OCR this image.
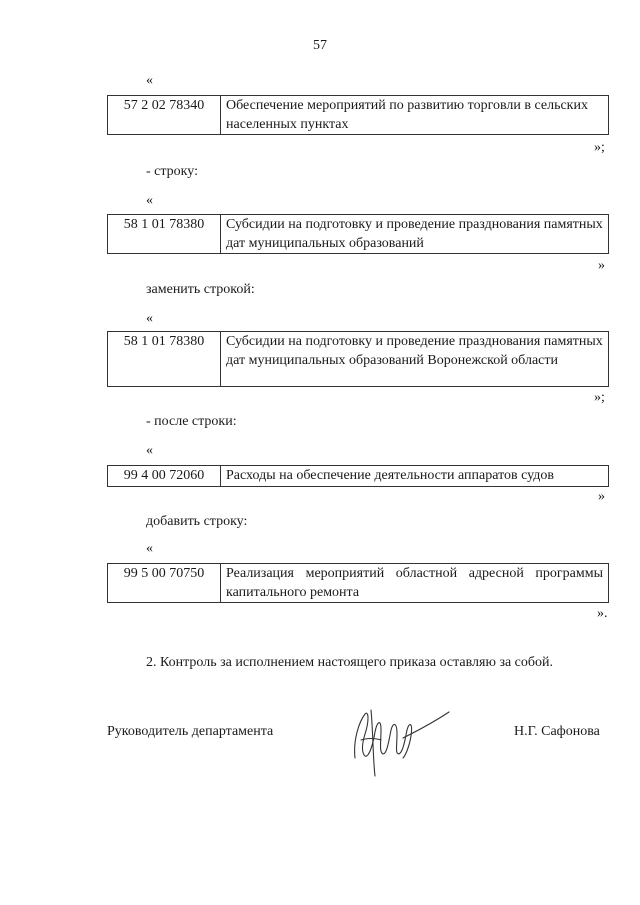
57
«
57 2 02 78340	Обеспечение мероприятий по развитию торговли в сельских населенных пунктах
»;
- строку:
«
58 1 01 78380	Субсидии на подготовку и проведение празднования памятных дат муниципальных образований
»
заменить строкой:
«
58 1 01 78380	Субсидии на подготовку и проведение празднования памятных дат муниципальных образований Воронежской области
»;
- после строки:
«
99 4 00 72060	Расходы на обеспечение деятельности аппаратов судов
»
добавить строку:
«
99 5 00 70750	Реализация мероприятий областной адресной программы капитального ремонта
».
2. Контроль за исполнением настоящего приказа оставляю за собой.
Руководитель департамента	Н.Г. Сафонова
